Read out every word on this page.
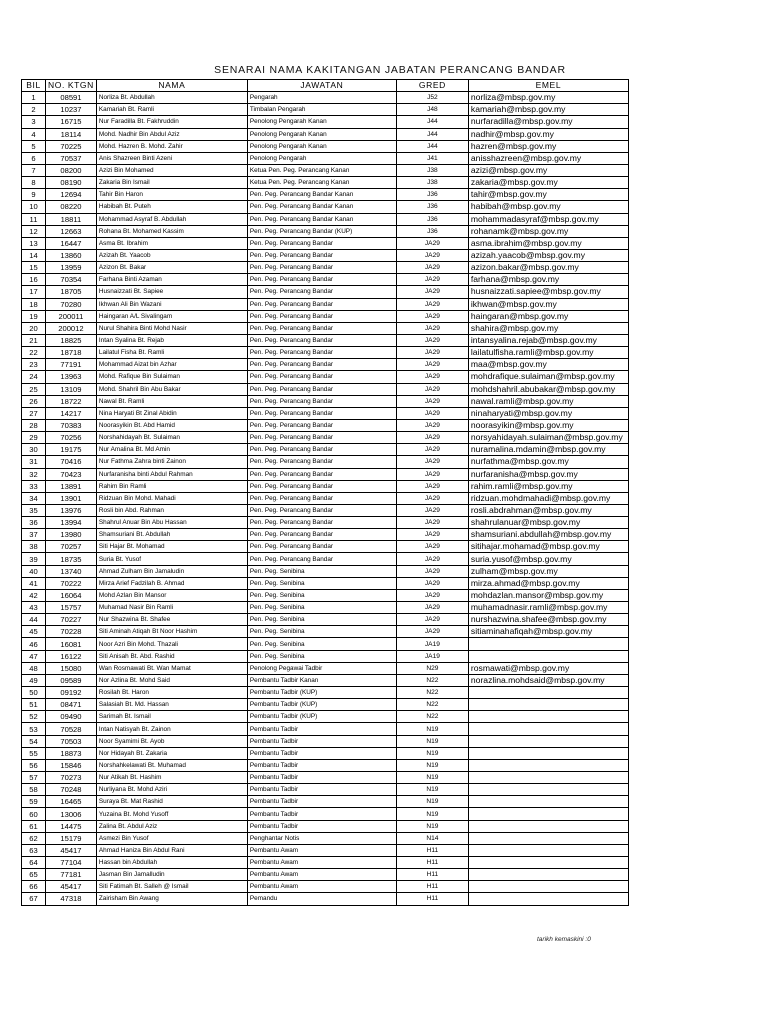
SENARAI NAMA KAKITANGAN JABATAN PERANCANG BANDAR
BIL	NO. KTGN	NAMA	JAWATAN	GRED	EMEL
1	08591	Norliza Bt. Abdullah	Pengarah	J52	norliza@mbsp.gov.my
2	10237	Kamariah Bt. Ramli	Timbalan Pengarah	J48	kamariah@mbsp.gov.my
3	16715	Nur Faradilla Bt. Fakhruddin	Penolong Pengarah Kanan	J44	nurfaradilla@mbsp.gov.my
4	18114	Mohd. Nadhir Bin Abdul Aziz	Penolong Pengarah Kanan	J44	nadhir@mbsp.gov.my
5	70225	Mohd. Hazren B. Mohd. Zahir	Penolong Pengarah Kanan	J44	hazren@mbsp.gov.my
6	70537	Anis Shazreen Binti Azeni	Penolong Pengarah	J41	anisshazreen@mbsp.gov.my
7	08200	Azizi Bin Mohamed	Ketua Pen. Peg. Perancang Kanan	J38	azizi@mbsp.gov.my
8	08190	Zakaria Bin Ismail	Ketua Pen. Peg. Perancang Kanan	J38	zakaria@mbsp.gov.my
9	12694	Tahir Bin Haron	Pen. Peg. Perancang Bandar Kanan	J36	tahir@mbsp.gov.my
10	08220	Habibah Bt. Puteh	Pen. Peg. Perancang Bandar Kanan	J36	habibah@mbsp.gov.my
11	18811	Mohammad Asyraf B. Abdullah	Pen. Peg. Perancang Bandar Kanan	J36	mohammadasyraf@mbsp.gov.my
12	12663	Rohana Bt. Mohamed Kassim	Pen. Peg. Perancang Bandar (KUP)	J36	rohanamk@mbsp.gov.my
13	16447	Asma Bt. Ibrahim	Pen. Peg. Perancang Bandar	JA29	asma.ibrahim@mbsp.gov.my
14	13860	Azizah Bt. Yaacob	Pen. Peg. Perancang Bandar	JA29	azizah.yaacob@mbsp.gov.my
15	13959	Azizon Bt. Bakar	Pen. Peg. Perancang Bandar	JA29	azizon.bakar@mbsp.gov.my
16	70354	Farhana Binti Azaman	Pen. Peg. Perancang Bandar	JA29	farhana@mbsp.gov.my
17	18705	Husnaizzati Bt. Sapiee	Pen. Peg. Perancang Bandar	JA29	husnaizzati.sapiee@mbsp.gov.my
18	70280	Ikhwan Ali Bin Wazani	Pen. Peg. Perancang Bandar	JA29	ikhwan@mbsp.gov.my
19	200011	Haingaran A/L Sivalingam	Pen. Peg. Perancang Bandar	JA29	haingaran@mbsp.gov.my
20	200012	Nurul Shahira Binti Mohd Nasir	Pen. Peg. Perancang Bandar	JA29	shahira@mbsp.gov.my
21	18825	Intan Syalina Bt. Rejab	Pen. Peg. Perancang Bandar	JA29	intansyalina.rejab@mbsp.gov.my
22	18718	Lailatul Fisha Bt. Ramli	Pen. Peg. Perancang Bandar	JA29	lailatulfisha.ramli@mbsp.gov.my
23	77191	Mohammad Aizat bin Azhar	Pen. Peg. Perancang Bandar	JA29	maa@mbsp.gov.my
24	13963	Mohd. Rafique Bin Sulaiman	Pen. Peg. Perancang Bandar	JA29	mohdrafique.sulaiman@mbsp.gov.my
25	13109	Mohd. Shahril Bin Abu Bakar	Pen. Peg. Perancang Bandar	JA29	mohdshahril.abubakar@mbsp.gov.my
26	18722	Nawal Bt. Ramli	Pen. Peg. Perancang Bandar	JA29	nawal.ramli@mbsp.gov.my
27	14217	Nina Haryati Bt Zinal Abidin	Pen. Peg. Perancang Bandar	JA29	ninaharyati@mbsp.gov.my
28	70383	Noorasyikin Bt. Abd Hamid	Pen. Peg. Perancang Bandar	JA29	noorasyikin@mbsp.gov.my
29	70256	Norshahidayah Bt. Sulaiman	Pen. Peg. Perancang Bandar	JA29	norsyahidayah.sulaiman@mbsp.gov.my
30	19175	Nur Amalina Bt. Md Amin	Pen. Peg. Perancang Bandar	JA29	nuramalina.mdamin@mbsp.gov.my
31	70416	Nur Fathma Zahra binti Zainon	Pen. Peg. Perancang Bandar	JA29	nurfathma@mbsp.gov.my
32	70423	Nurfaranisha binti Abdul Rahman	Pen. Peg. Perancang Bandar	JA29	nurfaranisha@mbsp.gov.my
33	13891	Rahim Bin Ramli	Pen. Peg. Perancang Bandar	JA29	rahim.ramli@mbsp.gov.my
34	13901	Ridzuan Bin Mohd. Mahadi	Pen. Peg. Perancang Bandar	JA29	ridzuan.mohdmahadi@mbsp.gov.my
35	13976	Rosli bin Abd. Rahman	Pen. Peg. Perancang Bandar	JA29	rosli.abdrahman@mbsp.gov.my
36	13994	Shahrul Anuar Bin Abu Hassan	Pen. Peg. Perancang Bandar	JA29	shahrulanuar@mbsp.gov.my
37	13980	Shamsuriani Bt. Abdullah	Pen. Peg. Perancang Bandar	JA29	shamsuriani.abdullah@mbsp.gov.my
38	70257	Siti Hajar Bt. Mohamad	Pen. Peg. Perancang Bandar	JA29	sitihajar.mohamad@mbsp.gov.my
39	18735	Suria Bt. Yusof	Pen. Peg. Perancang Bandar	JA29	suria.yusof@mbsp.gov.my
40	13740	Ahmad Zulham Bin Jamaludin	Pen. Peg. Senibina	JA29	zulham@mbsp.gov.my
41	70222	Mirza Arief Fadzilah B. Ahmad	Pen. Peg. Senibina	JA29	mirza.ahmad@mbsp.gov.my
42	16064	Mohd Azlan Bin Mansor	Pen. Peg. Senibina	JA29	mohdazlan.mansor@mbsp.gov.my
43	15757	Muhamad Nasir Bin Ramli	Pen. Peg. Senibina	JA29	muhamadnasir.ramli@mbsp.gov.my
44	70227	Nur Shazwina Bt. Shafee	Pen. Peg. Senibina	JA29	nurshazwina.shafee@mbsp.gov.my
45	70228	Siti Aminah Atiqah Bt Noor Hashim	Pen. Peg. Senibina	JA29	sitiaminahafiqah@mbsp.gov.my
46	16081	Noor Azri Bin Mohd. Thazali	Pen. Peg. Senibina	JA19	
47	16122	Siti Anisah Bt. Abd. Rashid	Pen. Peg. Senibina	JA19	
48	15080	Wan Rosmawati Bt. Wan Mamat	Penolong Pegawai Tadbir	N29	rosmawati@mbsp.gov.my
49	09589	Nor Azlina Bt. Mohd Said	Pembantu Tadbir Kanan	N22	norazlina.mohdsaid@mbsp.gov.my
50	09192	Rosilah Bt. Haron	Pembantu Tadbir (KUP)	N22	
51	08471	Salasiah Bt. Md. Hassan	Pembantu Tadbir (KUP)	N22	
52	09490	Sarimah Bt. Ismail	Pembantu Tadbir (KUP)	N22	
53	70528	Intan Natisyah Bt. Zainon	Pembantu Tadbir	N19	
54	70503	Noor Syamimi Bt. Ayob	Pembantu Tadbir	N19	
55	18873	Nor Hidayah Bt. Zakaria	Pembantu Tadbir	N19	
56	15846	Norshahkelawati Bt. Muhamad	Pembantu Tadbir	N19	
57	70273	Nur Atikah Bt. Hashim	Pembantu Tadbir	N19	
58	70248	Nurliyana Bt. Mohd Aziri	Pembantu Tadbir	N19	
59	16465	Suraya Bt. Mat Rashid	Pembantu Tadbir	N19	
60	13006	Yuzaina Bt. Mohd Yusoff	Pembantu Tadbir	N19	
61	14475	Zalina Bt. Abdul Aziz	Pembantu Tadbir	N19	
62	15179	Asmezi Bin Yusof	Penghantar Notis	N14	
63	45417	Ahmad Haniza Bin Abdul Rani	Pembantu Awam	H11	
64	77104	Hassan bin Abdullah	Pembantu Awam	H11	
65	77181	Jasman Bin Jamalludin	Pembantu Awam	H11	
66	45417	Siti Fatimah Bt. Salleh @ Ismail	Pembantu Awam	H11	
67	47318	Zairisham Bin Awang	Pemandu	H11	
tarikh kemaskini :0
